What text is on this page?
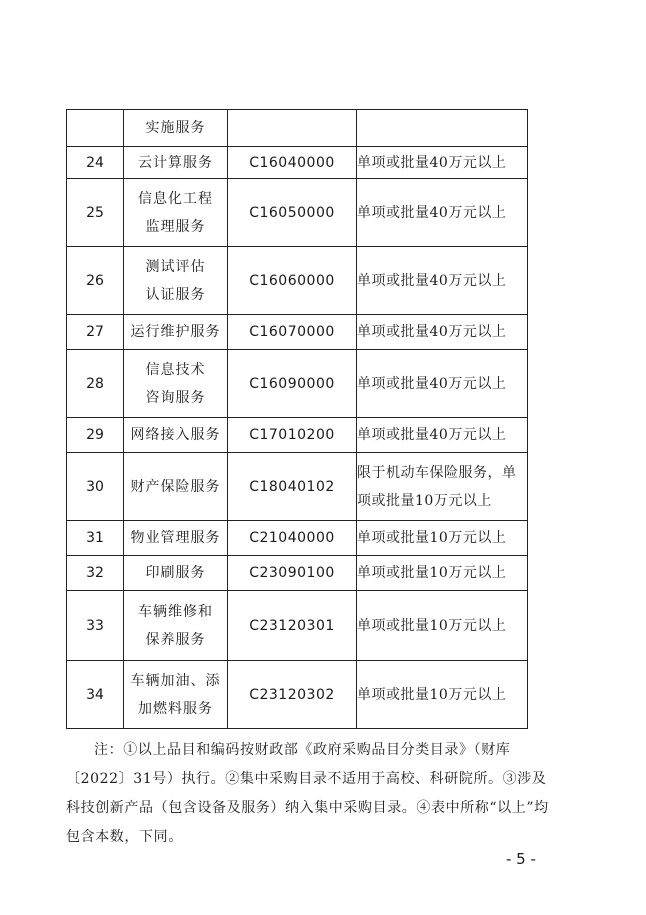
	实施服务		

24	云计算服务	C16040000	单项或批量40万元以上

25	信息化工程
监理服务	C16050000	单项或批量40万元以上

26	测试评估
认证服务	C16060000	单项或批量40万元以上

27	运行维护服务	C16070000	单项或批量40万元以上

28	信息技术
咨询服务	C16090000	单项或批量40万元以上

29	网络接入服务	C17010200	单项或批量40万元以上

30	财产保险服务	C18040102	限于机动车保险服务，单
项或批量10万元以上

31	物业管理服务	C21040000	单项或批量10万元以上

32	印刷服务	C23090100	单项或批量10万元以上

33	车辆维修和
保养服务	C23120301	单项或批量10万元以上

34	车辆加油、添
加燃料服务	C23120302	单项或批量10万元以上

注：①以上品目和编码按财政部《政府采购品目分类目录》（财库〔2022〕31号）执行。②集中采购目录不适用于高校、科研院所。③涉及科技创新产品（包含设备及服务）纳入集中采购目录。④表中所称“以上”均包含本数，下同。

- 5 -
